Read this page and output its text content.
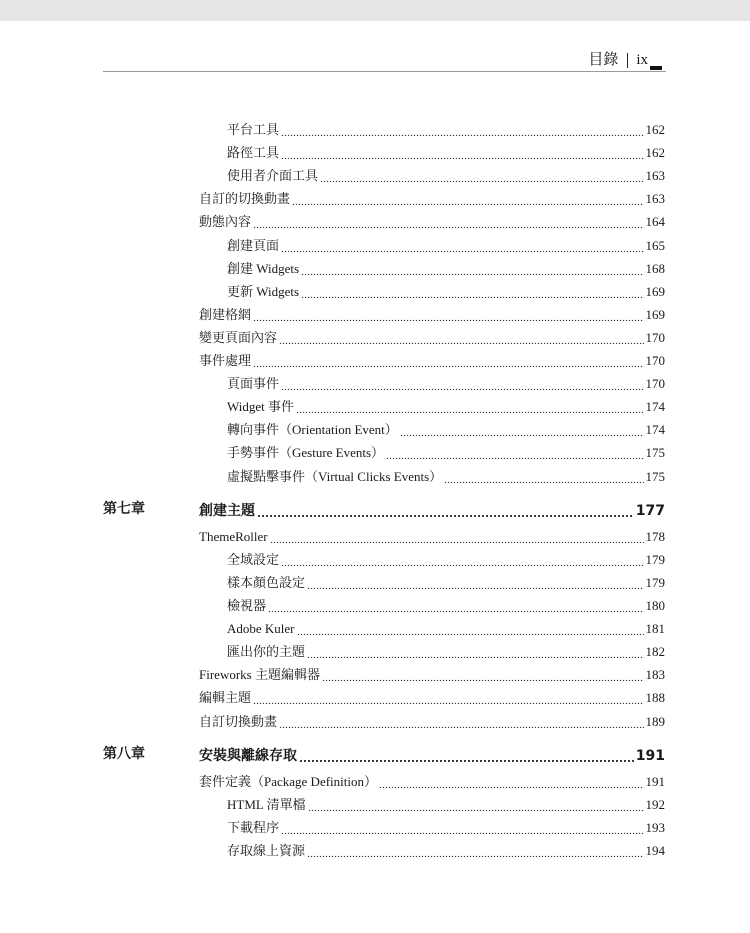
目錄 ix
平台工具	162
路徑工具	162
使用者介面工具	163
自訂的切換動畫	163
動態內容	164
創建頁面	165
創建 Widgets	168
更新 Widgets	169
創建格網	169
變更頁面內容	170
事件處理	170
頁面事件	170
Widget 事件	174
轉向事件（Orientation Event）	174
手勢事件（Gesture Events）	175
虛擬點擊事件（Virtual Clicks Events）	175
第七章	創建主題	177
ThemeRoller	178
全域設定	179
樣本顏色設定	179
檢視器	180
Adobe Kuler	181
匯出你的主題	182
Fireworks 主題編輯器	183
編輯主題	188
自訂切換動畫	189
第八章	安裝與離線存取	191
套件定義（Package Definition）	191
HTML 清單檔	192
下載程序	193
存取線上資源	194
